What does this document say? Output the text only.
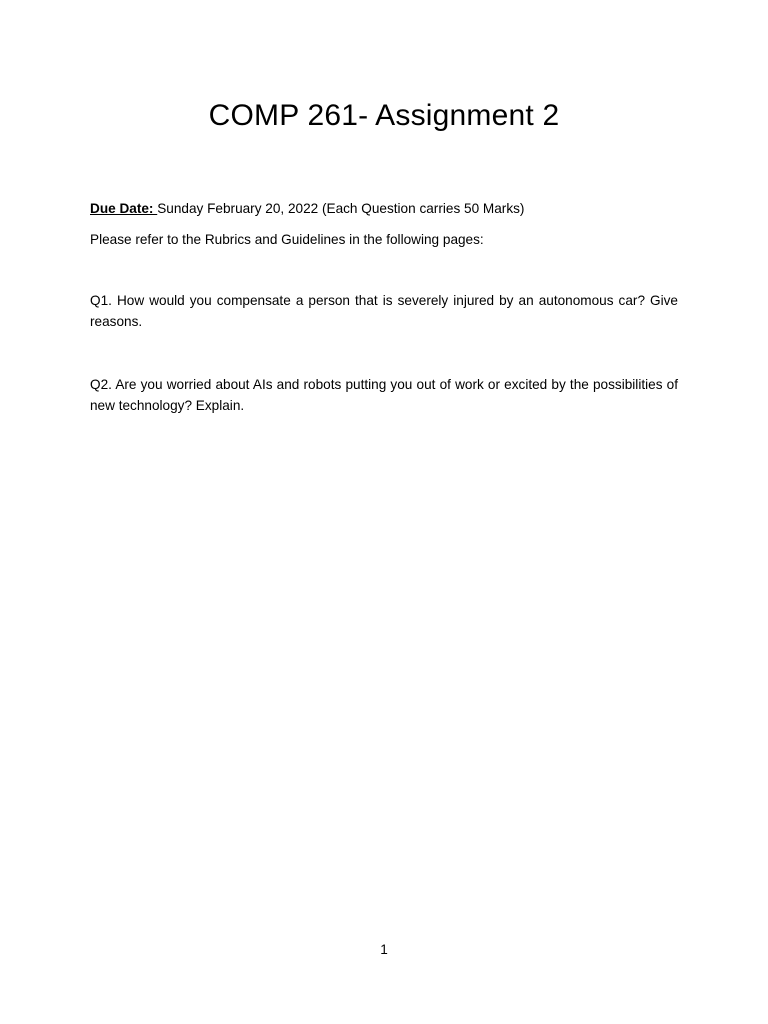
COMP 261- Assignment 2

Due Date: Sunday February 20, 2022 (Each Question carries 50 Marks)

Please refer to the Rubrics and Guidelines in the following pages:

Q1. How would you compensate a person that is severely injured by an autonomous car? Give reasons.

Q2. Are you worried about AIs and robots putting you out of work or excited by the possibilities of new technology? Explain.

1
